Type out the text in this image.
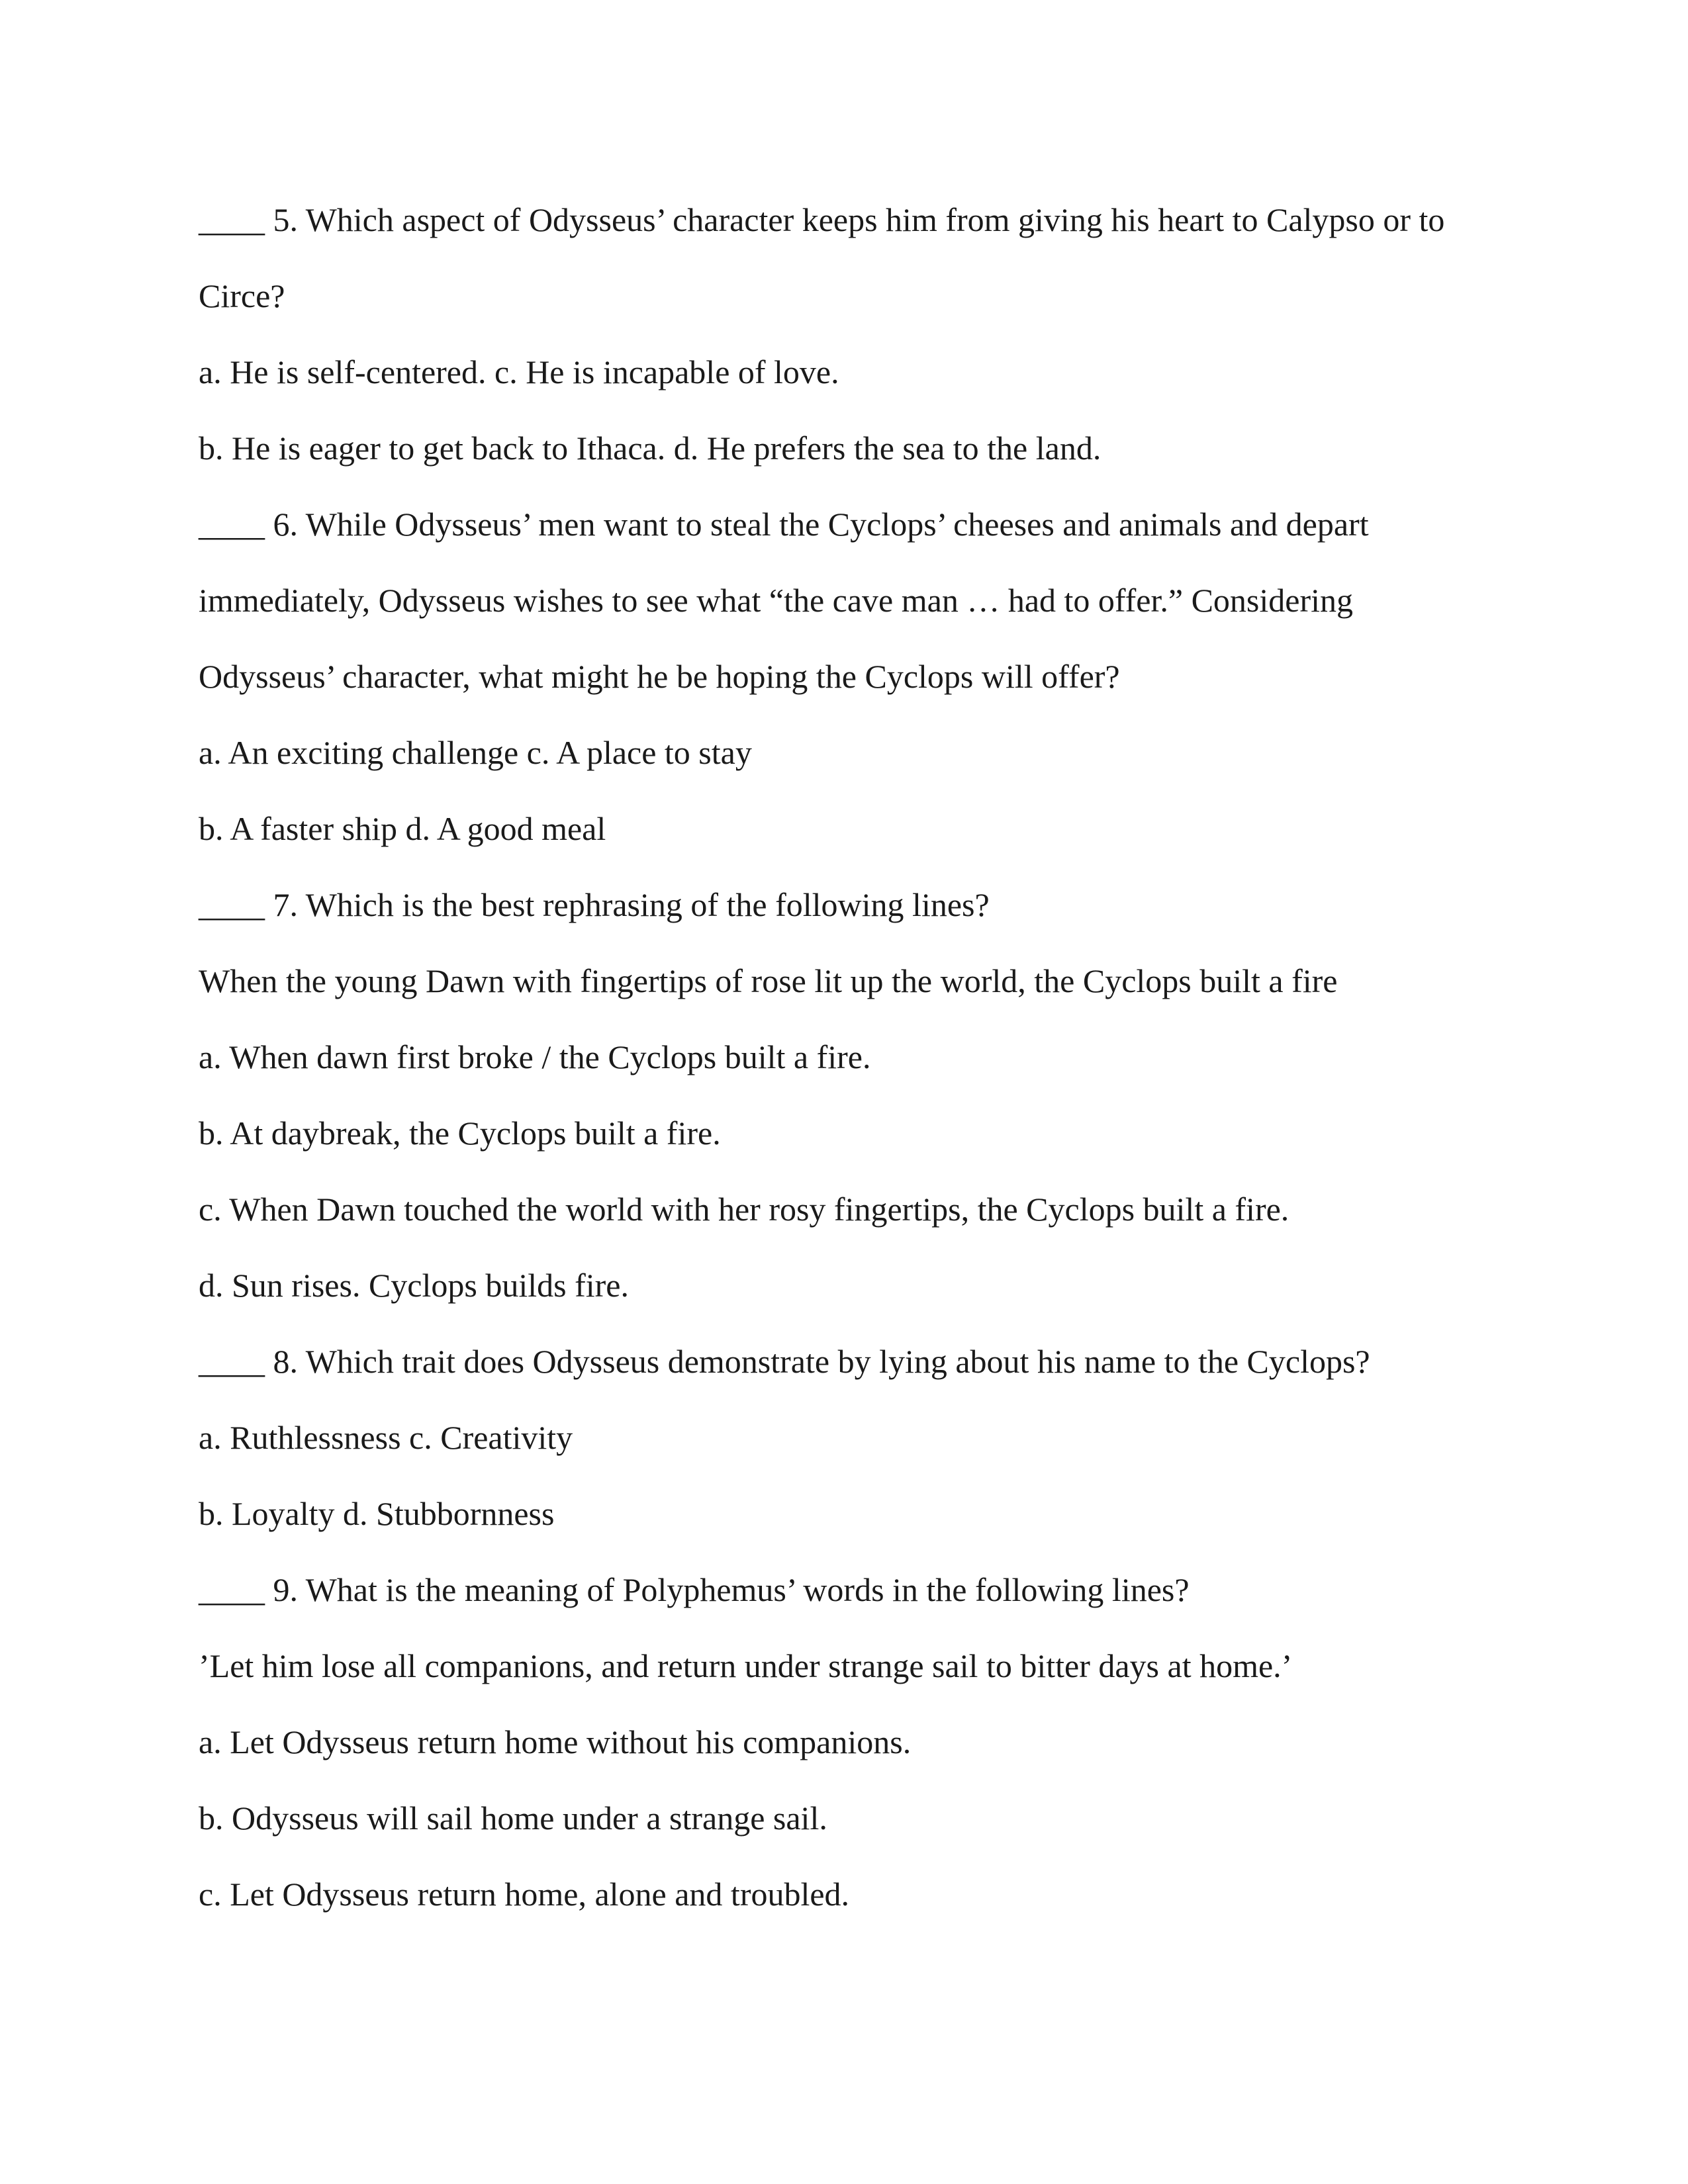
____ 5. Which aspect of Odysseus’ character keeps him from giving his heart to Calypso or to
Circe?
a. He is self-centered. c. He is incapable of love.
b. He is eager to get back to Ithaca. d. He prefers the sea to the land.
____ 6. While Odysseus’ men want to steal the Cyclops’ cheeses and animals and depart
immediately, Odysseus wishes to see what “the cave man … had to offer.” Considering
Odysseus’ character, what might he be hoping the Cyclops will offer?
a. An exciting challenge c. A place to stay
b. A faster ship d. A good meal
____ 7. Which is the best rephrasing of the following lines?
When the young Dawn with fingertips of rose lit up the world, the Cyclops built a fire
a. When dawn first broke / the Cyclops built a fire.
b. At daybreak, the Cyclops built a fire.
c. When Dawn touched the world with her rosy fingertips, the Cyclops built a fire.
d. Sun rises. Cyclops builds fire.
____ 8. Which trait does Odysseus demonstrate by lying about his name to the Cyclops?
a. Ruthlessness c. Creativity
b. Loyalty d. Stubbornness
____ 9. What is the meaning of Polyphemus’ words in the following lines?
’Let him lose all companions, and return under strange sail to bitter days at home.’
a. Let Odysseus return home without his companions.
b. Odysseus will sail home under a strange sail.
c. Let Odysseus return home, alone and troubled.
